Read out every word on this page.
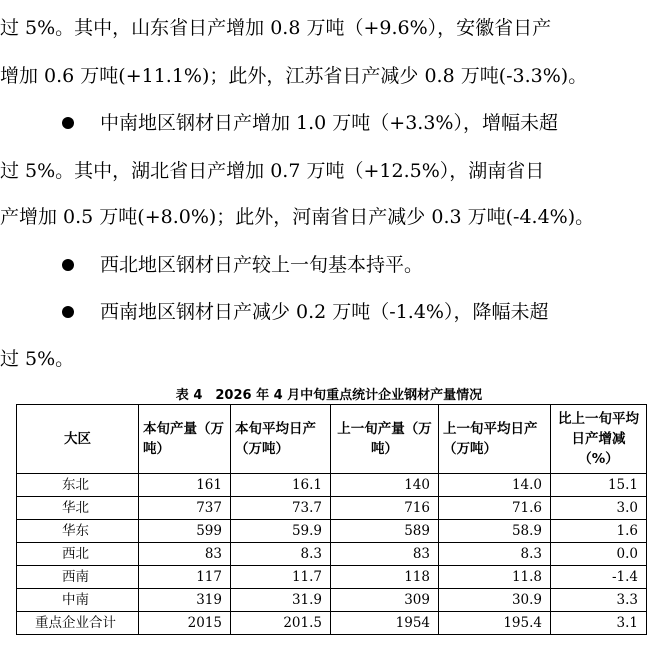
过 5%。其中，山东省日产增加 0.8 万吨（+9.6%），安徽省日产
增加 0.6 万吨(+11.1%)；此外，江苏省日产减少 0.8 万吨(-3.3%)。
中南地区钢材日产增加 1.0 万吨（+3.3%），增幅未超
过 5%。其中，湖北省日产增加 0.7 万吨（+12.5%），湖南省日
产增加 0.5 万吨(+8.0%)；此外，河南省日产减少 0.3 万吨(-4.4%)。
西北地区钢材日产较上一旬基本持平。
西南地区钢材日产减少 0.2 万吨（-1.4%），降幅未超
过 5%。
表 4　2026 年 4 月中旬重点统计企业钢材产量情况
大区	本旬产量（万吨）	本旬平均日产（万吨）	上一旬产量（万吨）	上一旬平均日产（万吨）	比上一旬平均日产增减（%）
东北	161	16.1	140	14.0	15.1
华北	737	73.7	716	71.6	3.0
华东	599	59.9	589	58.9	1.6
西北	83	8.3	83	8.3	0.0
西南	117	11.7	118	11.8	-1.4
中南	319	31.9	309	30.9	3.3
重点企业合计	2015	201.5	1954	195.4	3.1
